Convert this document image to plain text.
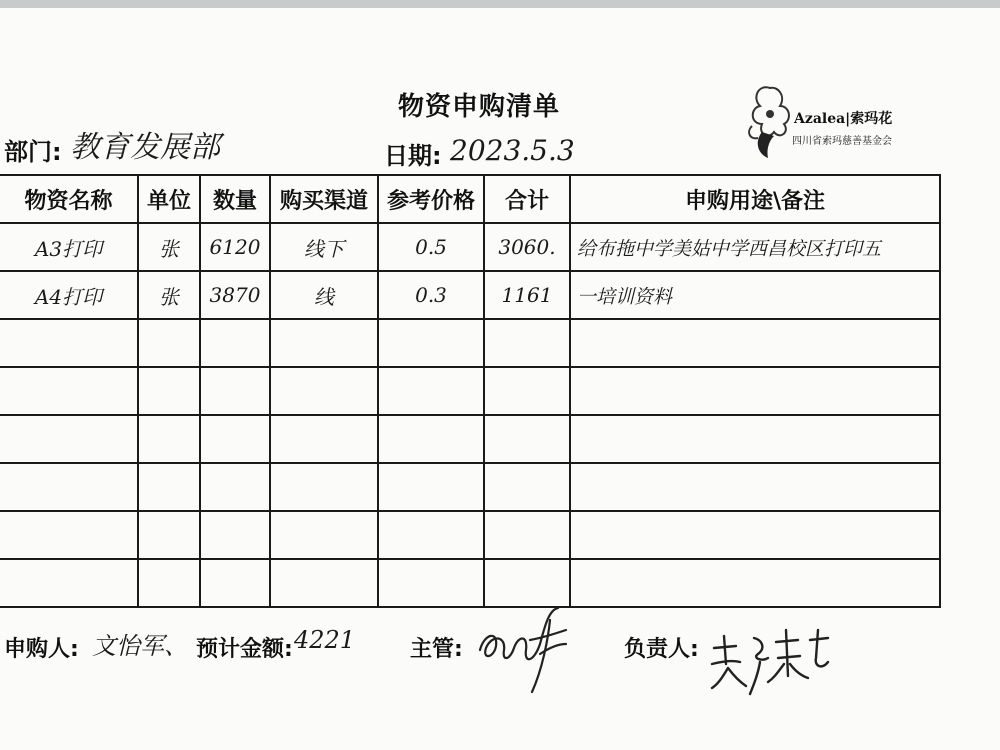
物资申购清单	Azalea|索玛花
四川省索玛慈善基金会
部门: 教育发展部	日期: 2023.5.3
物资名称	单位	数量	购买渠道	参考价格	合计	申购用途\备注
A3打印	张	6120	线下	0.5	3060.	给布拖中学美姑中学西昌校区打印五
A4打印	张	3870	线	0.3	1161	一培训资料

申购人: 文怡军、 预计金额: 4221 主管:	负责人:
